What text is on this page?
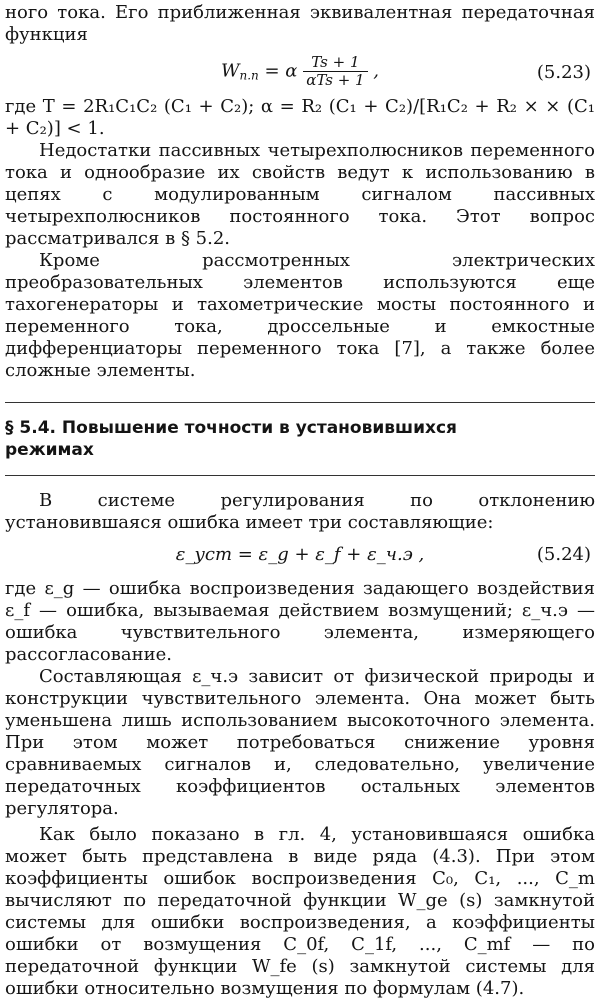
ного тока. Его приближенная эквивалентная передаточная функция

$W_{п.п} = \alpha \frac{Ts + 1}{\text{αTs + 1}}$ ,	(5.23)

где T = 2R₁C₁C₂ (C₁ + C₂); α = R₂ (C₁ + C₂)/[R₁C₂ + R₂ × × (C₁ + C₂)] < 1.

Недостатки пассивных четырехполюсников переменного тока и однообразие их свойств ведут к использованию в цепях с модулированным сигналом пассивных четырехполюсников постоянного тока. Этот вопрос рассматривался в § 5.2.

Кроме рассмотренных электрических преобразовательных элементов используются еще тахогенераторы и тахометрические мосты постоянного и переменного тока, дроссельные и емкостные дифференциаторы переменного тока [7], а также более сложные элементы.

§ 5.4. Повышение точности в установившихся режимах

В системе регулирования по отклонению установившаяся ошибка имеет три составляющие:

ε_уст = ε_g + ε_f + ε_ч.э ,	(5.24)

где ε_g — ошибка воспроизведения задающего воздействия ε_f — ошибка, вызываемая действием возмущений; ε_ч.э — ошибка чувствительного элемента, измеряющего рассогласование.

Составляющая ε_ч.э зависит от физической природы и конструкции чувствительного элемента. Она может быть уменьшена лишь использованием высокоточного элемента. При этом может потребоваться снижение уровня сравниваемых сигналов и, следовательно, увеличение передаточных коэффициентов остальных элементов регулятора.

Как было показано в гл. 4, установившаяся ошибка может быть представлена в виде ряда (4.3). При этом коэффициенты ошибок воспроизведения C₀, C₁, ..., C_m вычисляют по передаточной функции W_ge (s) замкнутой системы для ошибки воспроизведения, а коэффициенты ошибки от возмущения C_0f, C_1f, ..., C_mf — по передаточной функции W_fe (s) замкнутой системы для ошибки относительно возмущения по формулам (4.7).
